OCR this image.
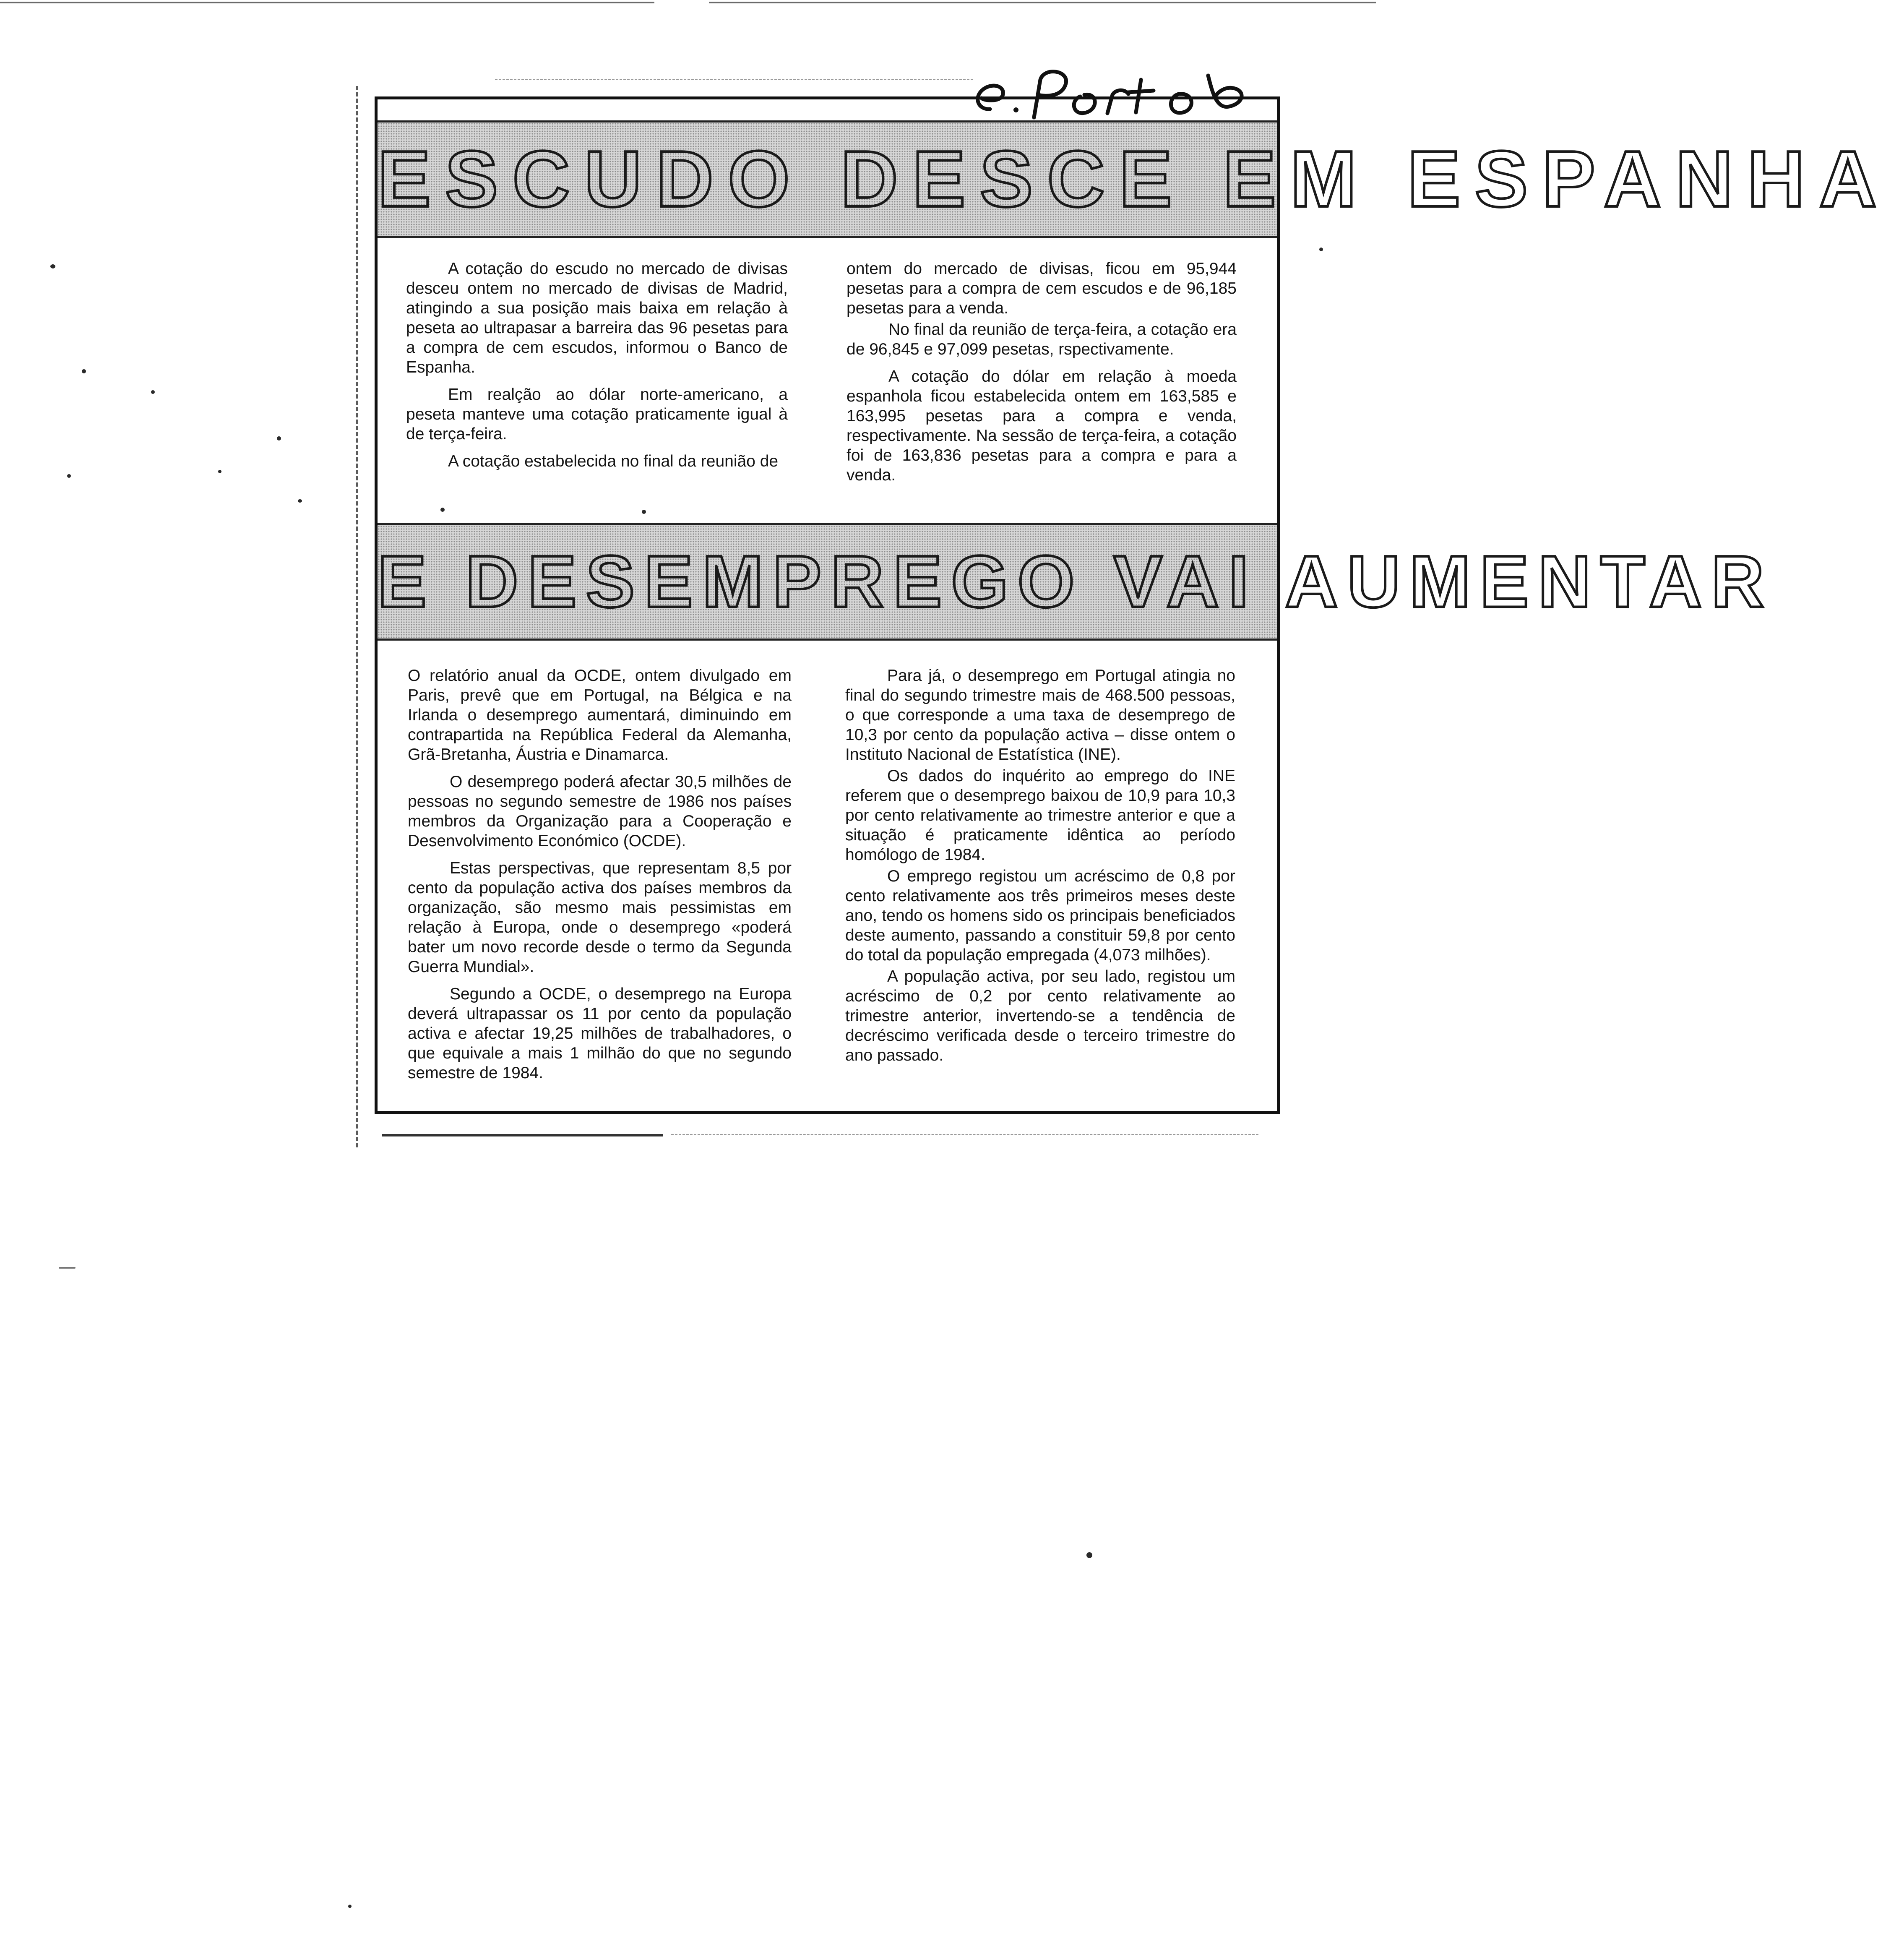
ESCUDO DESCE EM ESPANHA

A cotação do escudo no mercado de divisas desceu ontem no mercado de divisas de Madrid, atingindo a sua posição mais baixa em relação à peseta ao ultrapasar a barreira das 96 pesetas para a compra de cem escudos, informou o Banco de Espanha.

Em realção ao dólar norte-americano, a peseta manteve uma cotação praticamente igual à de terça-feira.

A cotação estabelecida no final da reunião de

ontem do mercado de divisas, ficou em 95,944 pesetas para a compra de cem escudos e de 96,185 pesetas para a venda.

No final da reunião de terça-feira, a cotação era de 96,845 e 97,099 pesetas, rspectivamente.

A cotação do dólar em relação à moeda espanhola ficou estabelecida ontem em 163,585 e 163,995 pesetas para a compra e venda, respectivamente. Na sessão de terça-feira, a cotação foi de 163,836 pesetas para a compra e para a venda.

E DESEMPREGO VAI AUMENTAR

O relatório anual da OCDE, ontem divulgado em Paris, prevê que em Portugal, na Bélgica e na Irlanda o desemprego aumentará, diminuindo em contrapartida na República Federal da Alemanha, Grã-Bretanha, Áustria e Dinamarca.

O desemprego poderá afectar 30,5 milhões de pessoas no segundo semestre de 1986 nos países membros da Organização para a Cooperação e Desenvolvimento Económico (OCDE).

Estas perspectivas, que representam 8,5 por cento da população activa dos países membros da organização, são mesmo mais pessimistas em relação à Europa, onde o desemprego «poderá bater um novo recorde desde o termo da Segunda Guerra Mundial».

Segundo a OCDE, o desemprego na Europa deverá ultrapassar os 11 por cento da população activa e afectar 19,25 milhões de trabalhadores, o que equivale a mais 1 milhão do que no segundo semestre de 1984.

Para já, o desemprego em Portugal atingia no final do segundo trimestre mais de 468.500 pessoas, o que corresponde a uma taxa de desemprego de 10,3 por cento da população activa – disse ontem o Instituto Nacional de Estatística (INE).

Os dados do inquérito ao emprego do INE referem que o desemprego baixou de 10,9 para 10,3 por cento relativamente ao trimestre anterior e que a situação é praticamente idêntica ao período homólogo de 1984.

O emprego registou um acréscimo de 0,8 por cento relativamente aos três primeiros meses deste ano, tendo os homens sido os principais beneficiados deste aumento, passando a constituir 59,8 por cento do total da população empregada (4,073 milhões).

A população activa, por seu lado, registou um acréscimo de 0,2 por cento relativamente ao trimestre anterior, invertendo-se a tendência de decréscimo verificada desde o terceiro trimestre do ano passado.
